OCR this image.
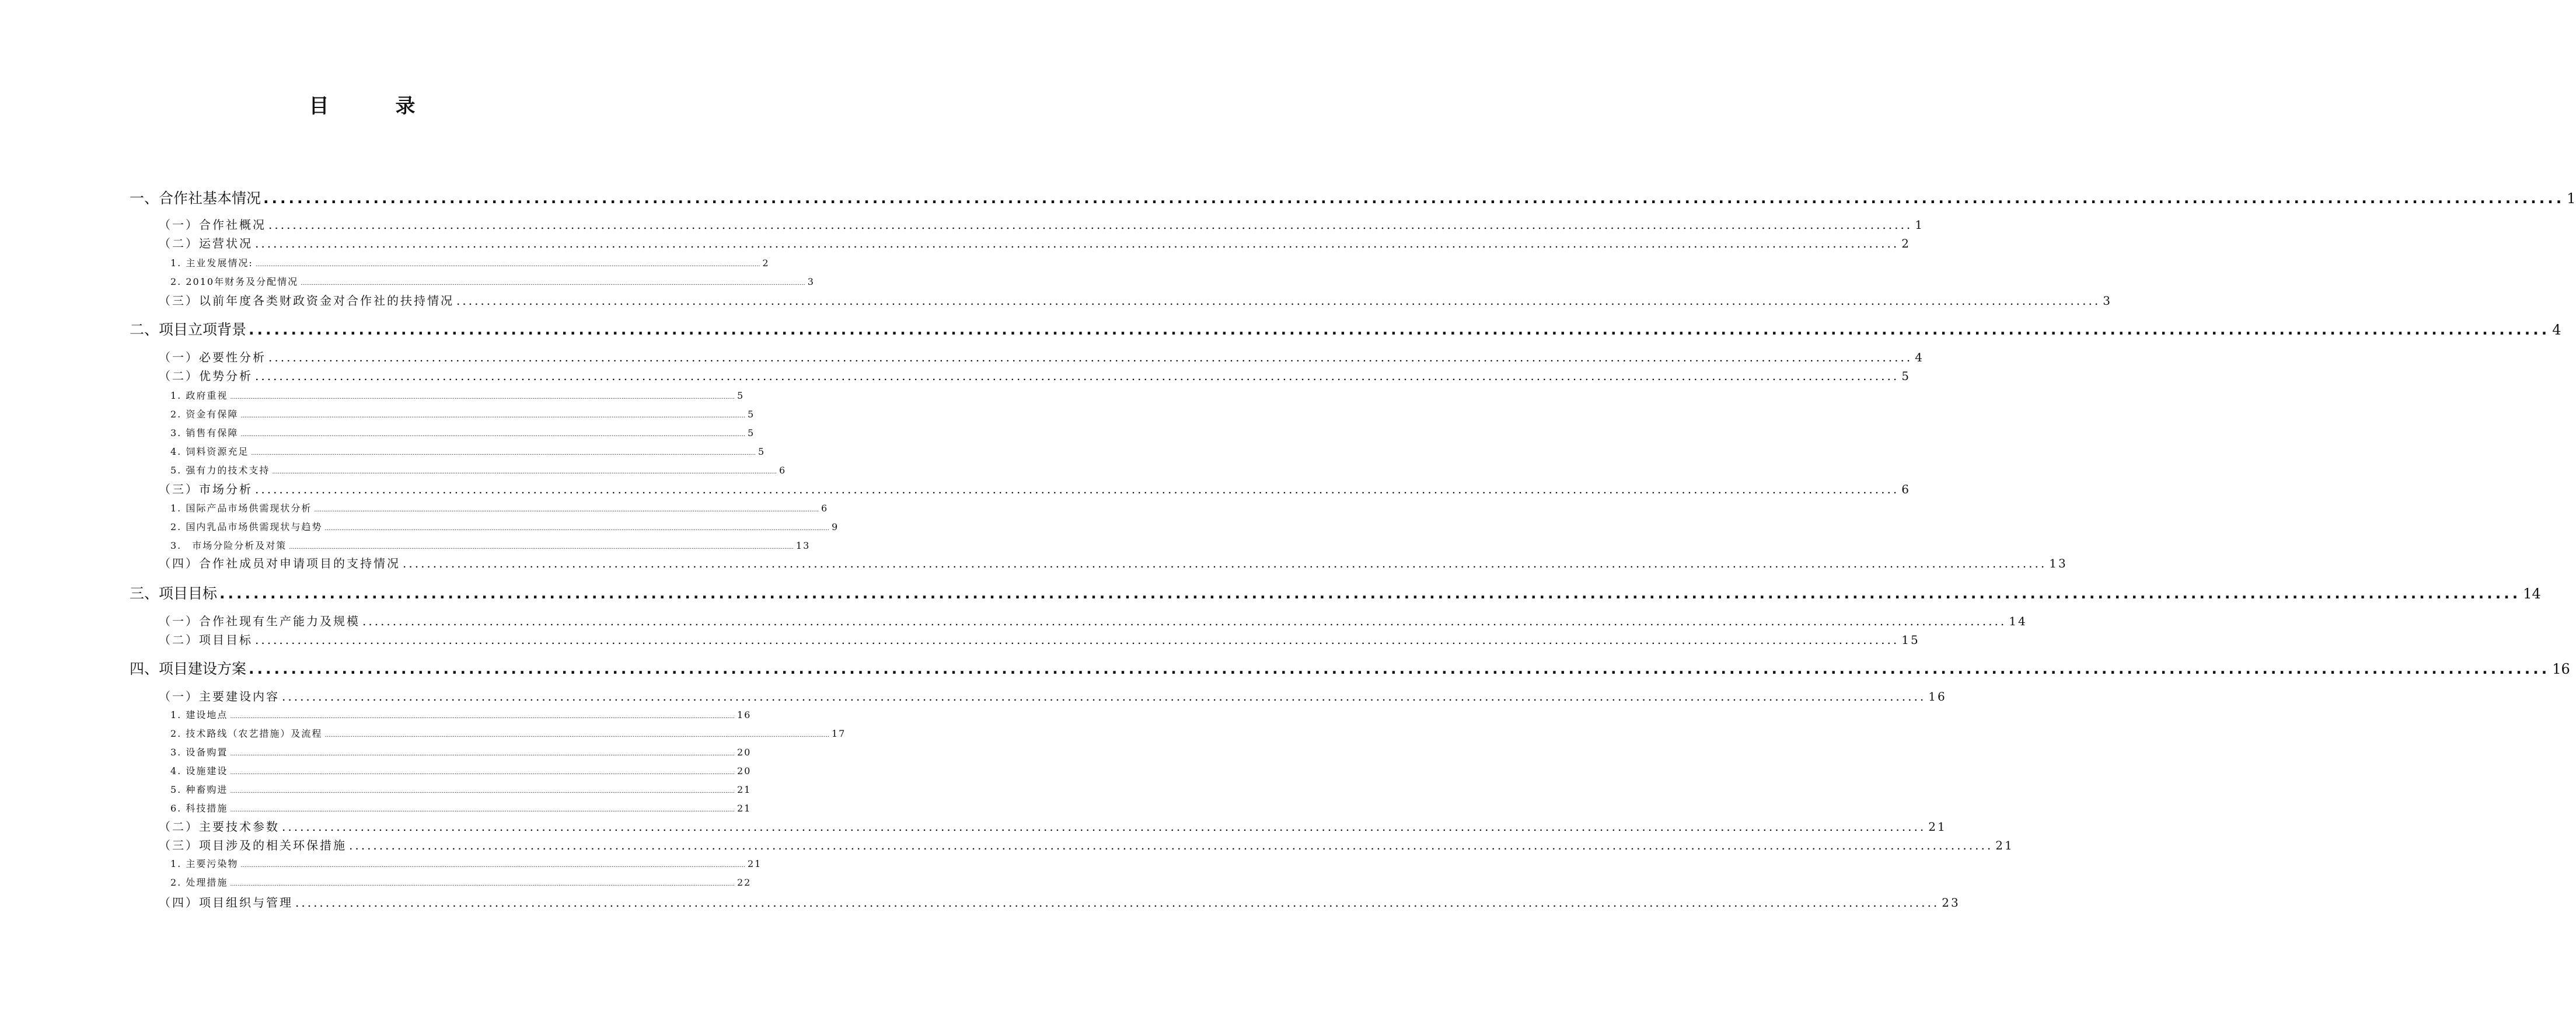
目　录
一、合作社基本情况 ................................................................................................................................................................................................................................................................................ 1
（一）合作社概况 ................................................................................................................................................................................................................................................................................ 1
（二）运营状况 ................................................................................................................................................................................................................................................................................ 2
1. 主业发展情况: ................................................................................................................................................................................................................................................................................ 2
2. 2010年财务及分配情况 ................................................................................................................................................................................................................................................................................ 3
（三）以前年度各类财政资金对合作社的扶持情况 ................................................................................................................................................................................................................................................................................ 3
二、项目立项背景 ................................................................................................................................................................................................................................................................................ 4
（一）必要性分析 ................................................................................................................................................................................................................................................................................ 4
（二）优势分析 ................................................................................................................................................................................................................................................................................ 5
1. 政府重视 ................................................................................................................................................................................................................................................................................ 5
2. 资金有保障 ................................................................................................................................................................................................................................................................................ 5
3. 销售有保障 ................................................................................................................................................................................................................................................................................ 5
4. 饲料资源充足 ................................................................................................................................................................................................................................................................................ 5
5. 强有力的技术支持 ................................................................................................................................................................................................................................................................................ 6
（三）市场分析 ................................................................................................................................................................................................................................................................................ 6
1. 国际产品市场供需现状分析 ................................................................................................................................................................................................................................................................................ 6
2. 国内乳品市场供需现状与趋势 ................................................................................................................................................................................................................................................................................ 9
3.　市场分险分析及对策 ................................................................................................................................................................................................................................................................................ 13
（四）合作社成员对申请项目的支持情况 ................................................................................................................................................................................................................................................................................ 13
三、项目目标 ................................................................................................................................................................................................................................................................................ 14
（一）合作社现有生产能力及规模 ................................................................................................................................................................................................................................................................................ 14
（二）项目目标 ................................................................................................................................................................................................................................................................................ 15
四、项目建设方案 ................................................................................................................................................................................................................................................................................ 16
（一）主要建设内容 ................................................................................................................................................................................................................................................................................ 16
1. 建设地点 ................................................................................................................................................................................................................................................................................ 16
2. 技术路线（农艺措施）及流程 ................................................................................................................................................................................................................................................................................ 17
3. 设备购置 ................................................................................................................................................................................................................................................................................ 20
4. 设施建设 ................................................................................................................................................................................................................................................................................ 20
5. 种畜购进 ................................................................................................................................................................................................................................................................................ 21
6. 科技措施 ................................................................................................................................................................................................................................................................................ 21
（二）主要技术参数 ................................................................................................................................................................................................................................................................................ 21
（三）项目涉及的相关环保措施 ................................................................................................................................................................................................................................................................................ 21
1. 主要污染物 ................................................................................................................................................................................................................................................................................ 21
2. 处理措施 ................................................................................................................................................................................................................................................................................ 22
（四）项目组织与管理 ................................................................................................................................................................................................................................................................................ 23
